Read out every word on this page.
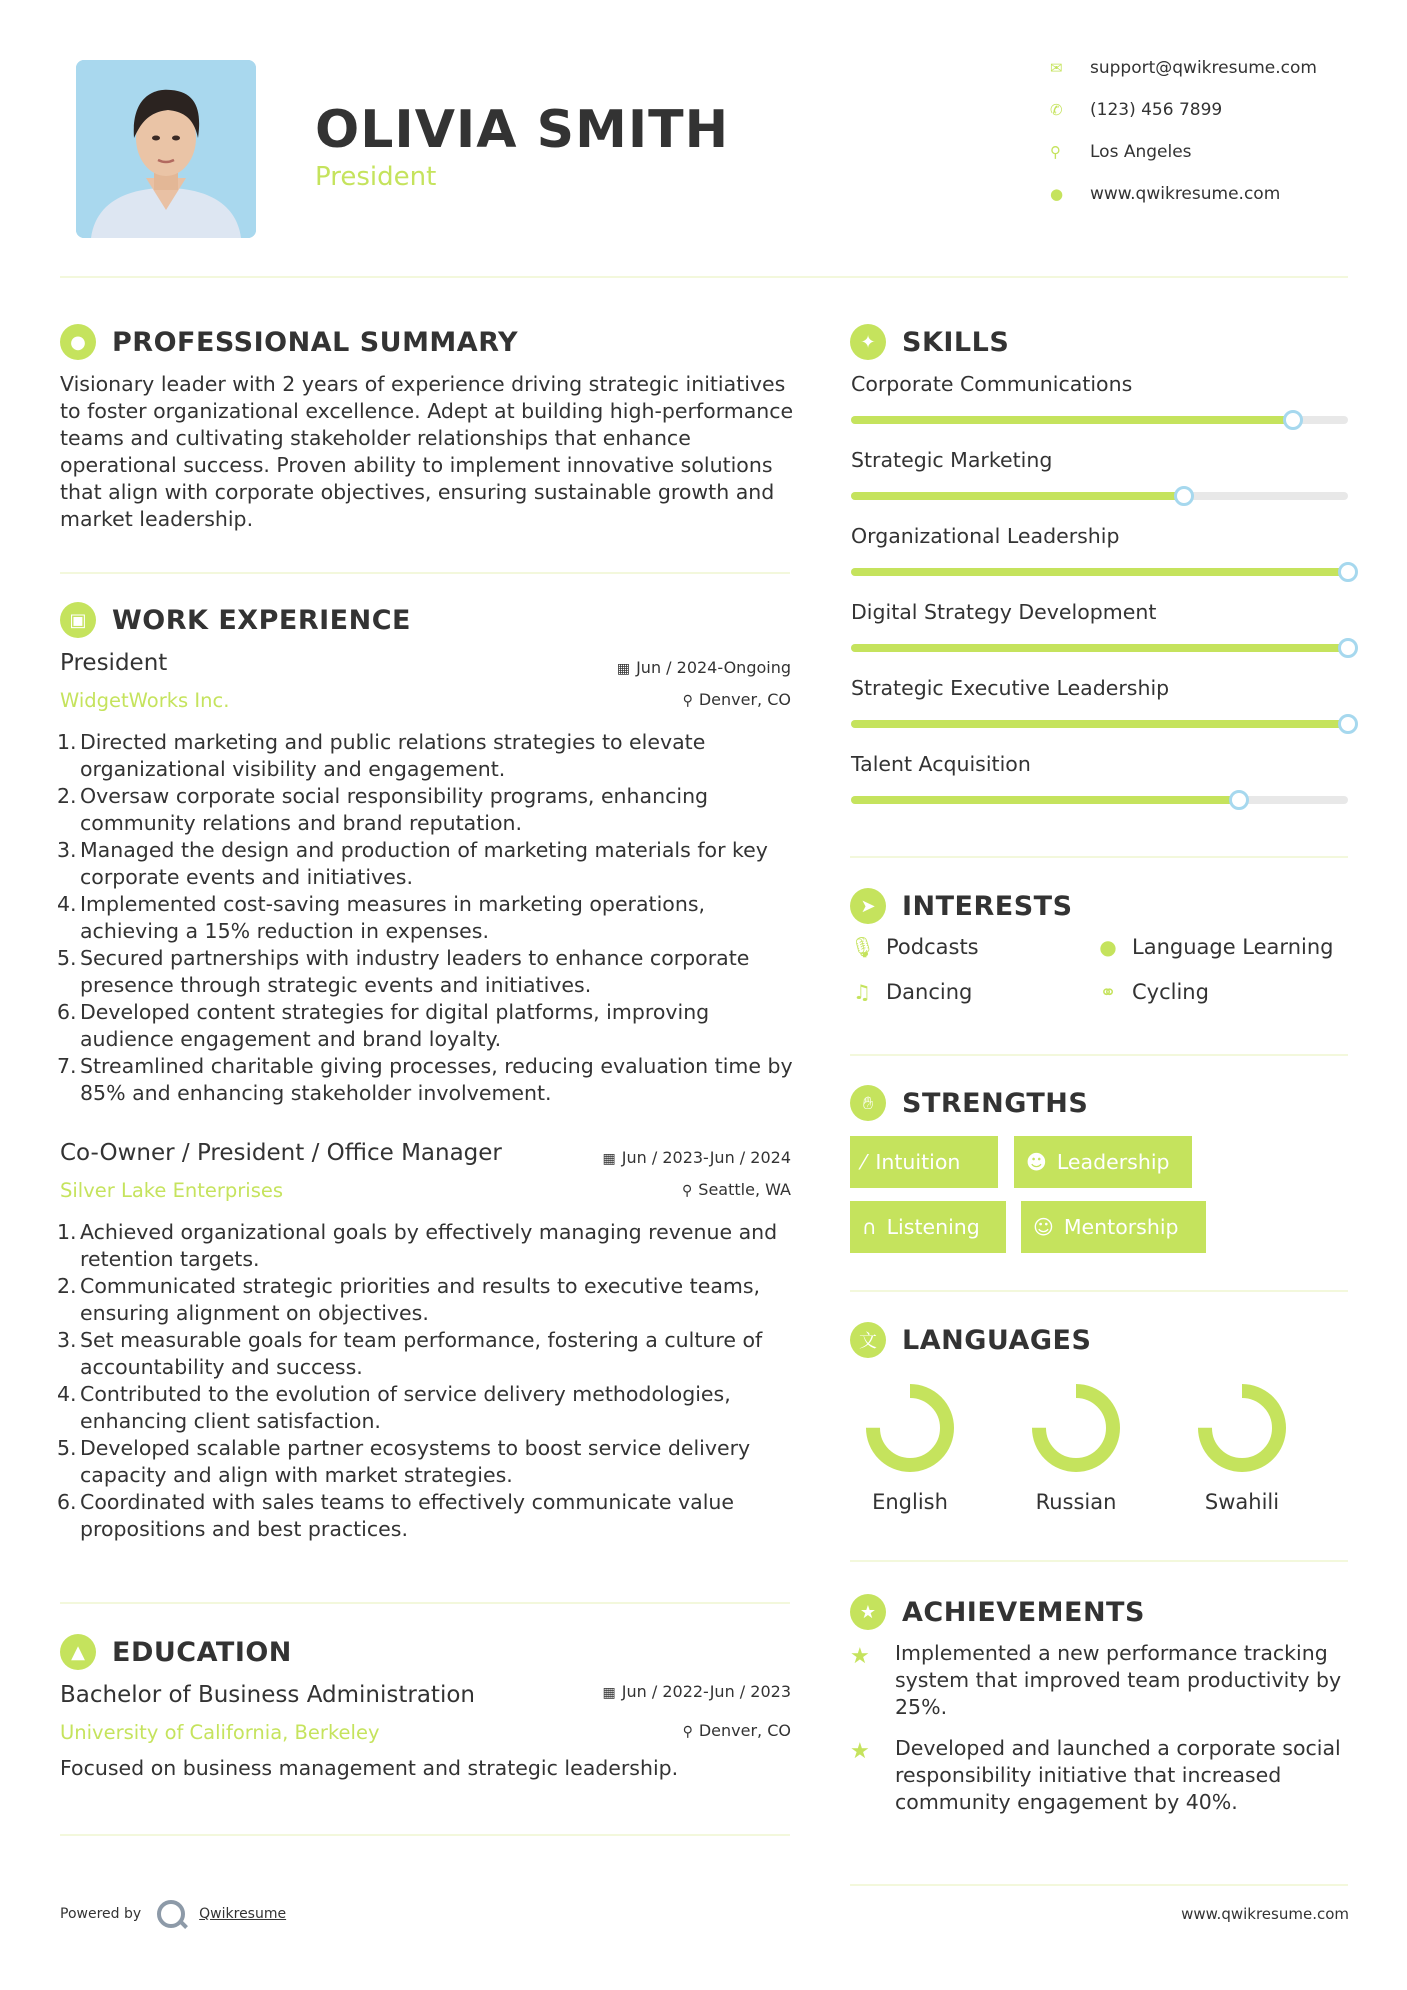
OLIVIA SMITH
President
✉	support@qwikresume.com
✆	(123) 456 7899
⚲	Los Angeles
●	www.qwikresume.com
● PROFESSIONAL SUMMARY
Visionary leader with 2 years of experience driving strategic initiatives to foster organizational excellence. Adept at building high-performance teams and cultivating stakeholder relationships that enhance operational success. Proven ability to implement innovative solutions that align with corporate objectives, ensuring sustainable growth and market leadership.
▣ WORK EXPERIENCE
President
WidgetWorks Inc.
▦ Jun / 2024-Ongoing
⚲ Denver, CO
Directed marketing and public relations strategies to elevate organizational visibility and engagement.
Oversaw corporate social responsibility programs, enhancing community relations and brand reputation.
Managed the design and production of marketing materials for key corporate events and initiatives.
Implemented cost-saving measures in marketing operations, achieving a 15% reduction in expenses.
Secured partnerships with industry leaders to enhance corporate presence through strategic events and initiatives.
Developed content strategies for digital platforms, improving audience engagement and brand loyalty.
Streamlined charitable giving processes, reducing evaluation time by 85% and enhancing stakeholder involvement.
Co-Owner / President / Office Manager
Silver Lake Enterprises
▦ Jun / 2023-Jun / 2024
⚲ Seattle, WA
Achieved organizational goals by effectively managing revenue and retention targets.
Communicated strategic priorities and results to executive teams, ensuring alignment on objectives.
Set measurable goals for team performance, fostering a culture of accountability and success.
Contributed to the evolution of service delivery methodologies, enhancing client satisfaction.
Developed scalable partner ecosystems to boost service delivery capacity and align with market strategies.
Coordinated with sales teams to effectively communicate value propositions and best practices.
▲	EDUCATION
Bachelor of Business Administration
University of California, Berkeley
▦ Jun / 2022-Jun / 2023
⚲ Denver, CO
Focused on business management and strategic leadership.
✦ SKILLS
Corporate Communications
Strategic Marketing
Organizational Leadership
Digital Strategy Development
Strategic Executive Leadership
Talent Acquisition
➤ INTERESTS
🎙︎ Podcasts	● Language Learning
♫ Dancing	⚭ Cycling
✋︎	STRENGTHS
⁄ Intuition	☻ Leadership
∩ Listening	☺ Mentorship
文 LANGUAGES
English	Russian	Swahili
★ ACHIEVEMENTS
★ Implemented a new performance tracking system that improved team productivity by 25%.
★ Developed and launched a corporate social responsibility initiative that increased community engagement by 40%.
Powered by	Qwikresume	www.qwikresume.com
